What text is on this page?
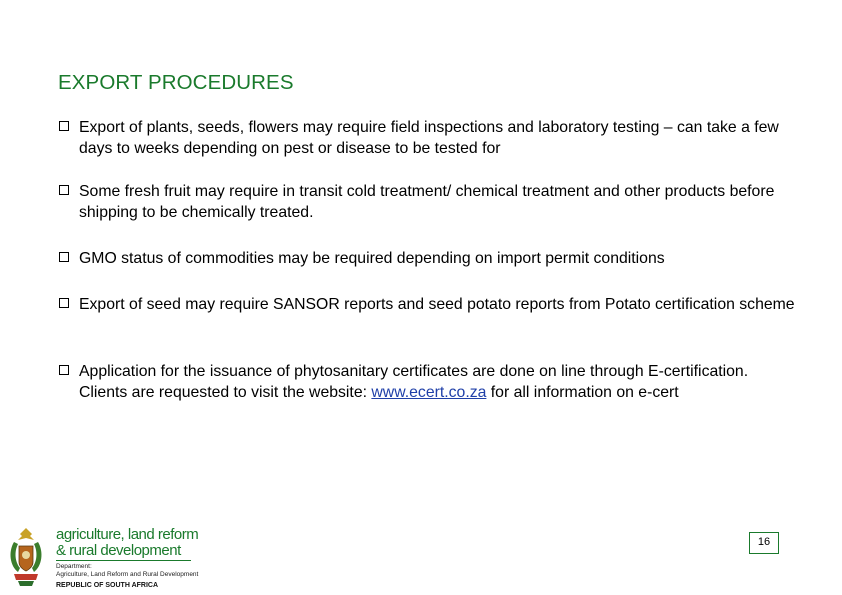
EXPORT PROCEDURES
Export of plants, seeds, flowers may require field inspections and laboratory testing – can take a few days to weeks depending on pest or disease to be tested for
Some fresh fruit may require in transit cold treatment/ chemical treatment and other products before shipping to be chemically treated.
GMO status of commodities may be required depending on import permit conditions
Export of seed may require SANSOR reports and seed potato reports from Potato certification scheme
Application for the issuance of phytosanitary certificates are done on line through E-certification. Clients are requested to visit the website: www.ecert.co.za for all information on e-cert
agriculture, land reform
& rural development
Department:
Agriculture, Land Reform and Rural Development
REPUBLIC OF SOUTH AFRICA
16
